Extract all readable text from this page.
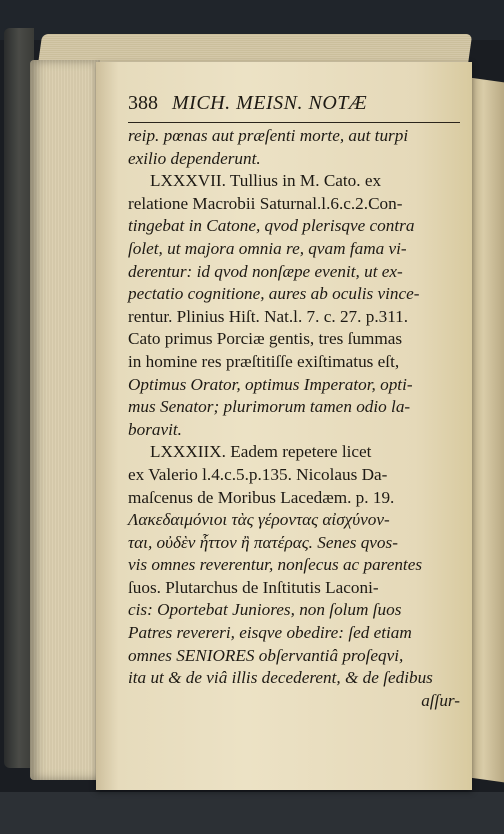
388 MICH. MEISN. NOTÆ
reip. pœnas aut præſenti morte, aut turpi
exilio dependerunt.
LXXXVII. Tullius in M. Cato. ex
relatione Macrobii Saturnal.l.6.c.2.Con-
tingebat in Catone, qvod plerisqve contra
ſolet, ut majora omnia re, qvam fama vi-
derentur: id qvod nonſæpe evenit, ut ex-
pectatio cognitione, aures ab oculis vince-
rentur. Plinius Hiſt. Nat.l. 7. c. 27. p.311.
Cato primus Porciæ gentis, tres ſummas
in homine res præſtitiſſe exiſtimatus eſt,
Optimus Orator, optimus Imperator, opti-
mus Senator; plurimorum tamen odio la-
boravit.
LXXXIIX. Eadem repetere licet
ex Valerio l.4.c.5.p.135. Nicolaus Da-
maſcenus de Moribus Lacedæm. p. 19.
Λακεδαιμόνιοι τὰς γέροντας αἰσχύνον-
ται, οὐδὲν ἧττον ἢ πατέρας. Senes qvos-
vis omnes reverentur, nonſecus ac parentes
ſuos. Plutarchus de Inſtitutis Laconi-
cis: Oportebat Juniores, non ſolum ſuos
Patres revereri, eisqve obedire: ſed etiam
omnes SENIORES obſervantiâ proſeqvi,
ita ut & de viâ illis decederent, & de ſedibus
aſſur-
